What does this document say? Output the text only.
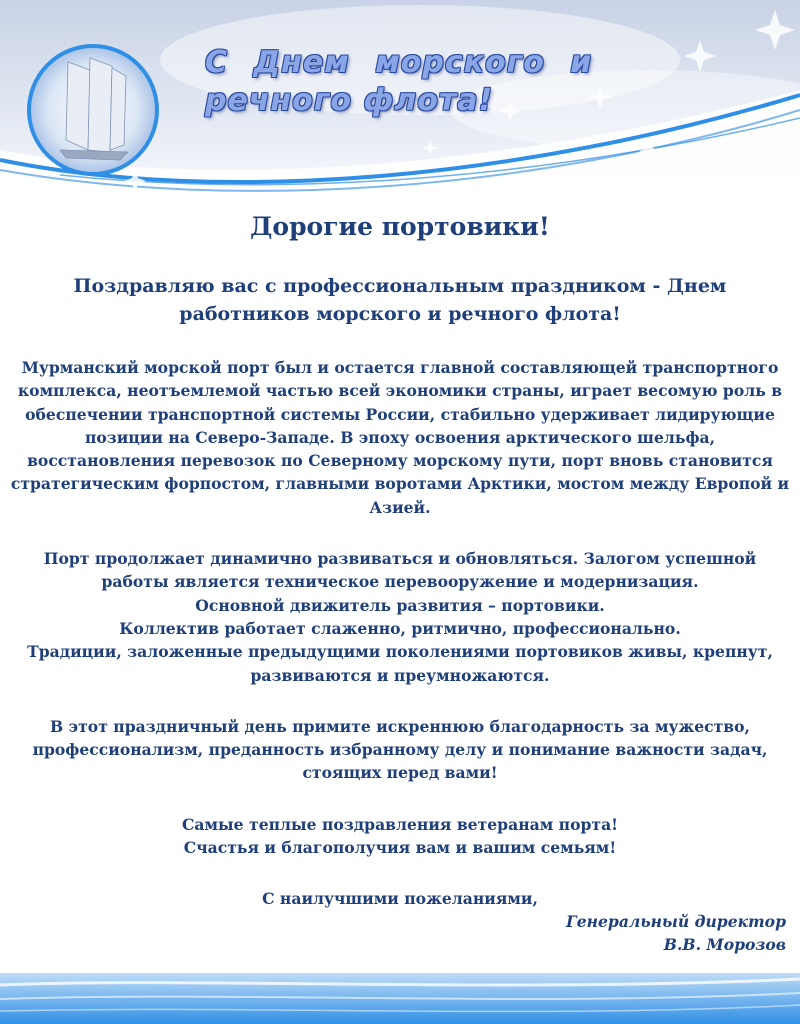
С Днем морского и
речного флота!
Дорогие портовики!
Поздравляю вас с профессиональным праздником - Днем
работников морского и речного флота!
Мурманский морской порт был и остается главной составляющей транспортного
комплекса, неотъемлемой частью всей экономики страны, играет весомую роль в
обеспечении транспортной системы России, стабильно удерживает лидирующие
позиции на Северо-Западе. В эпоху освоения арктического шельфа,
восстановления перевозок по Северному морскому пути, порт вновь становится
стратегическим форпостом, главными воротами Арктики, мостом между Европой и
Азией.
Порт продолжает динамично развиваться и обновляться. Залогом успешной
работы является техническое перевооружение и модернизация.
Основной движитель развития – портовики.
Коллектив работает слаженно, ритмично, профессионально.
Традиции, заложенные предыдущими поколениями портовиков живы, крепнут,
развиваются и преумножаются.
В этот праздничный день примите искреннюю благодарность за мужество,
профессионализм, преданность избранному делу и понимание важности задач,
стоящих перед вами!
Самые теплые поздравления ветеранам порта!
Счастья и благополучия вам и вашим семьям!
С наилучшими пожеланиями,
Генеральный директор
В.В. Морозов
